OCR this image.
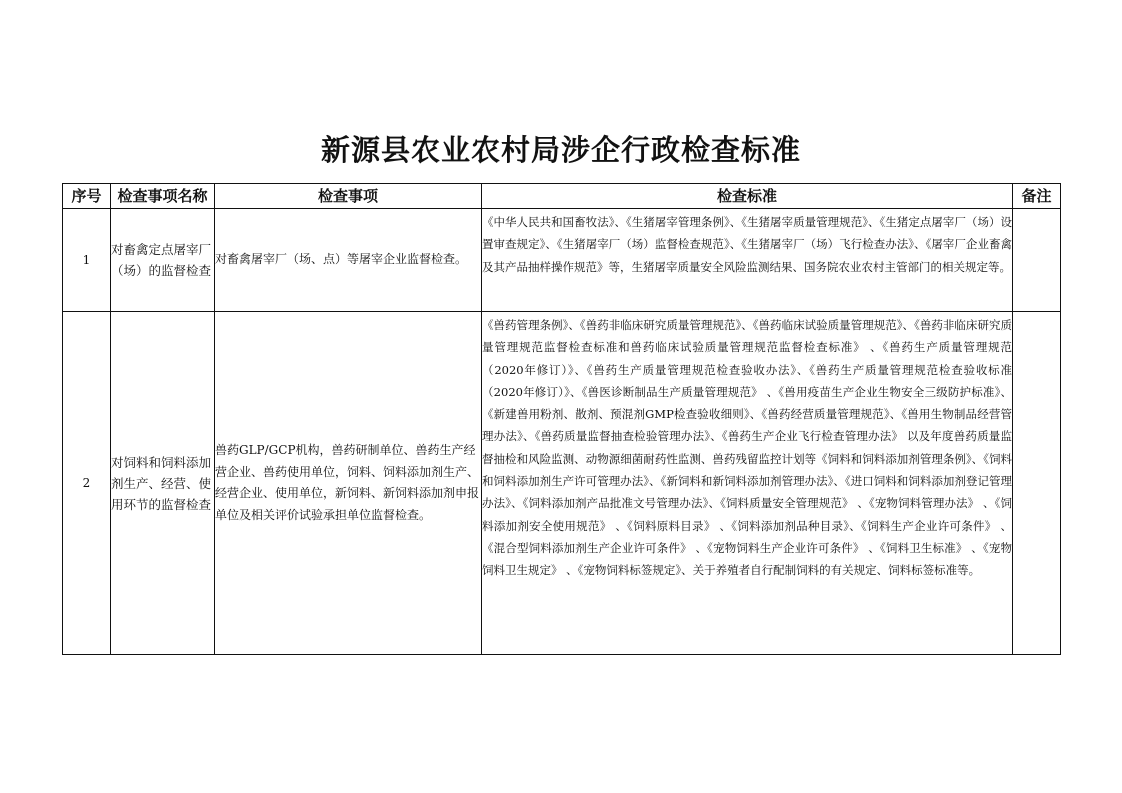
新源县农业农村局涉企行政检查标准
序号	检查事项名称	检查事项	检查标准	备注
1	对畜禽定点屠宰厂（场）的监督检查	对畜禽屠宰厂（场、点）等屠宰企业监督检查。	《中华人民共和国畜牧法》、《生猪屠宰管理条例》、《生猪屠宰质量管理规范》、《生猪定点屠宰厂（场）设置审查规定》、《生猪屠宰厂（场）监督检查规范》、《生猪屠宰厂（场）飞行检查办法》、《屠宰厂企业畜禽及其产品抽样操作规范》等，生猪屠宰质量安全风险监测结果、国务院农业农村主管部门的相关规定等。	
2	对饲料和饲料添加剂生产、经营、使用环节的监督检查	兽药GLP/GCP机构，兽药研制单位、兽药生产经营企业、兽药使用单位，饲料、饲料添加剂生产、经营企业、使用单位，新饲料、新饲料添加剂申报单位及相关评价试验承担单位监督检查。	《兽药管理条例》、《兽药非临床研究质量管理规范》、《兽药临床试验质量管理规范》、《兽药非临床研究质量管理规范监督检查标准和兽药临床试验质量管理规范监督检查标准》 、《兽药生产质量管理规范（2020年修订）》、《兽药生产质量管理规范检查验收办法》、《兽药生产质量管理规范检查验收标准（2020年修订）》、《兽医诊断制品生产质量管理规范》 、《兽用疫苗生产企业生物安全三级防护标准》、《新建兽用粉剂、散剂、预混剂GMP检查验收细则》、《兽药经营质量管理规范》、《兽用生物制品经营管理办法》、《兽药质量监督抽查检验管理办法》、《兽药生产企业飞行检查管理办法》 以及年度兽药质量监督抽检和风险监测、动物源细菌耐药性监测、兽药残留监控计划等《饲料和饲料添加剂管理条例》、《饲料和饲料添加剂生产许可管理办法》、《新饲料和新饲料添加剂管理办法》、《进口饲料和饲料添加剂登记管理办法》、《饲料添加剂产品批准文号管理办法》、《饲料质量安全管理规范》 、《宠物饲料管理办法》 、《饲料添加剂安全使用规范》 、《饲料原料目录》 、《饲料添加剂品种目录》、《饲料生产企业许可条件》 、《混合型饲料添加剂生产企业许可条件》 、《宠物饲料生产企业许可条件》 、《饲料卫生标准》 、《宠物饲料卫生规定》 、《宠物饲料标签规定》、关于养殖者自行配制饲料的有关规定、饲料标签标准等。	
